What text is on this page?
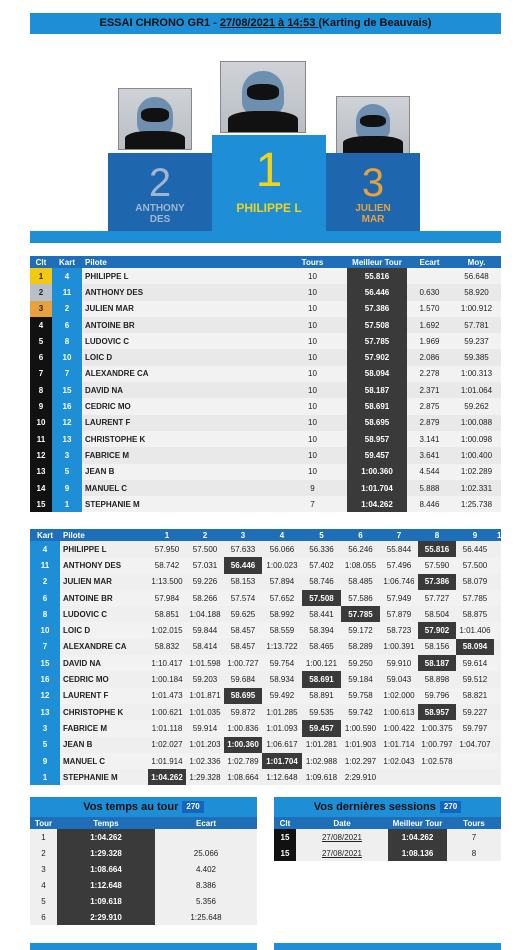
ESSAI CHRONO GR1 - 27/08/2021 à 14:53 (Karting de Beauvais)
2
ANTHONY DES
1
PHILIPPE L
3
JULIEN MAR
Clt	Kart	Pilote	Tours	Meilleur Tour	Ecart	Moy.
1	4	PHILIPPE L	10	55.816		56.648
2	11	ANTHONY DES	10	56.446	0.630	58.920
3	2	JULIEN MAR	10	57.386	1.570	1:00.912
4	6	ANTOINE BR	10	57.508	1.692	57.781
5	8	LUDOVIC C	10	57.785	1.969	59.237
6	10	LOIC D	10	57.902	2.086	59.385
7	7	ALEXANDRE CA	10	58.094	2.278	1:00.313
8	15	DAVID NA	10	58.187	2.371	1:01.064
9	16	CEDRIC MO	10	58.691	2.875	59.262
10	12	LAURENT F	10	58.695	2.879	1:00.088
11	13	CHRISTOPHE K	10	58.957	3.141	1:00.098
12	3	FABRICE M	10	59.457	3.641	1:00.400
13	5	JEAN B	10	1:00.360	4.544	1:02.289
14	9	MANUEL C	9	1:01.704	5.888	1:02.331
15	1	STEPHANIE M	7	1:04.262	8.446	1:25.738
Kart	Pilote	1	2	3	4	5	6	7	8	9	10
4	PHILIPPE L	57.950	57.500	57.633	56.066	56.336	56.246	55.844	55.816	56.445	
11	ANTHONY DES	58.742	57.031	56.446	1:00.023	57.402	1:08.055	57.496	57.590	57.500	
2	JULIEN MAR	1:13.500	59.226	58.153	57.894	58.746	58.485	1:06.746	57.386	58.079	
6	ANTOINE BR	57.984	58.266	57.574	57.652	57.508	57.586	57.949	57.727	57.785	
8	LUDOVIC C	58.851	1:04.188	59.625	58.992	58.441	57.785	57.879	58.504	58.875	
10	LOIC D	1:02.015	59.844	58.457	58.559	58.394	59.172	58.723	57.902	1:01.406	
7	ALEXANDRE CA	58.832	58.414	58.457	1:13.722	58.465	58.289	1:00.391	58.156	58.094	
15	DAVID NA	1:10.417	1:01.598	1:00.727	59.754	1:00.121	59.250	59.910	58.187	59.614	
16	CEDRIC MO	1:00.184	59.203	59.684	58.934	58.691	59.184	59.043	58.898	59.512	
12	LAURENT F	1:01.473	1:01.871	58.695	59.492	58.891	59.758	1:02.000	59.796	58.821	
13	CHRISTOPHE K	1:00.621	1:01.035	59.872	1:01.285	59.535	59.742	1:00.613	58.957	59.227	
3	FABRICE M	1:01.118	59.914	1:00.836	1:01.093	59.457	1:00.590	1:00.422	1:00.375	59.797	
5	JEAN B	1:02.027	1:01.203	1:00.360	1:06.617	1:01.281	1:01.903	1:01.714	1:00.797	1:04.707	
9	MANUEL C	1:01.914	1:02.336	1:02.789	1:01.704	1:02.988	1:02.297	1:02.043	1:02.578		
1	STEPHANIE M	1:04.262	1:29.328	1:08.664	1:12.648	1:09.618	2:29.910				
Vos temps au tour 270
Tour	Temps	Ecart
1	1:04.262	
2	1:29.328	25.066
3	1:08.664	4.402
4	1:12.648	8.386
5	1:09.618	5.356
6	2:29.910	1:25.648
Vos dernières sessions 270
Clt	Date	Meilleur Tour	Tours
15	27/08/2021	1:04.262	7
15	27/08/2021	1:08.136	8
